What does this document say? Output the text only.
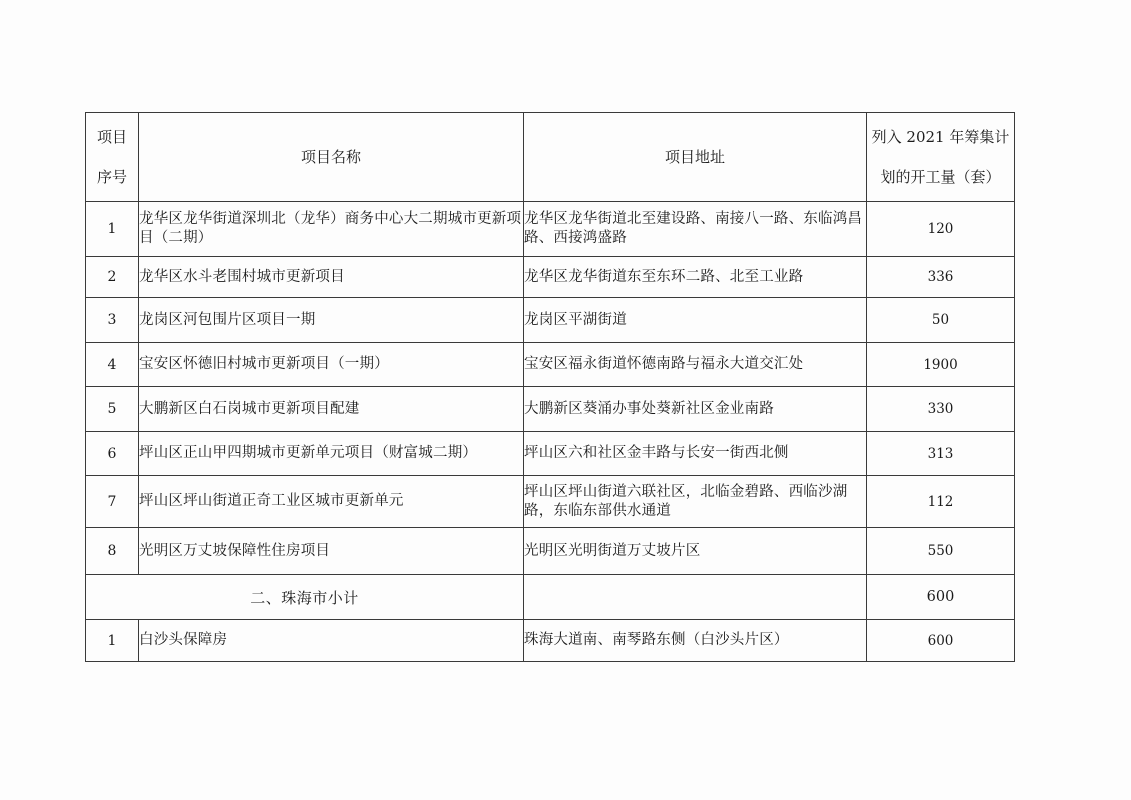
项目
序号	项目名称	项目地址	列入 2021 年筹集计
划的开工量（套）

1	龙华区龙华街道深圳北（龙华）商务中心大二期城市更新项目（二期）	龙华区龙华街道北至建设路、南接八一路、东临鸿昌路、西接鸿盛路	120
2	龙华区水斗老围村城市更新项目	龙华区龙华街道东至东环二路、北至工业路	336
3	龙岗区河包围片区项目一期	龙岗区平湖街道	50
4	宝安区怀德旧村城市更新项目（一期）	宝安区福永街道怀德南路与福永大道交汇处	1900
5	大鹏新区白石岗城市更新项目配建	大鹏新区葵涌办事处葵新社区金业南路	330
6	坪山区正山甲四期城市更新单元项目（财富城二期）	坪山区六和社区金丰路与长安一街西北侧	313
7	坪山区坪山街道正奇工业区城市更新单元	坪山区坪山街道六联社区，北临金碧路、西临沙湖路，东临东部供水通道	112
8	光明区万丈坡保障性住房项目	光明区光明街道万丈坡片区	550
二、珠海市小计			600
1	白沙头保障房	珠海大道南、南琴路东侧（白沙头片区）	600
